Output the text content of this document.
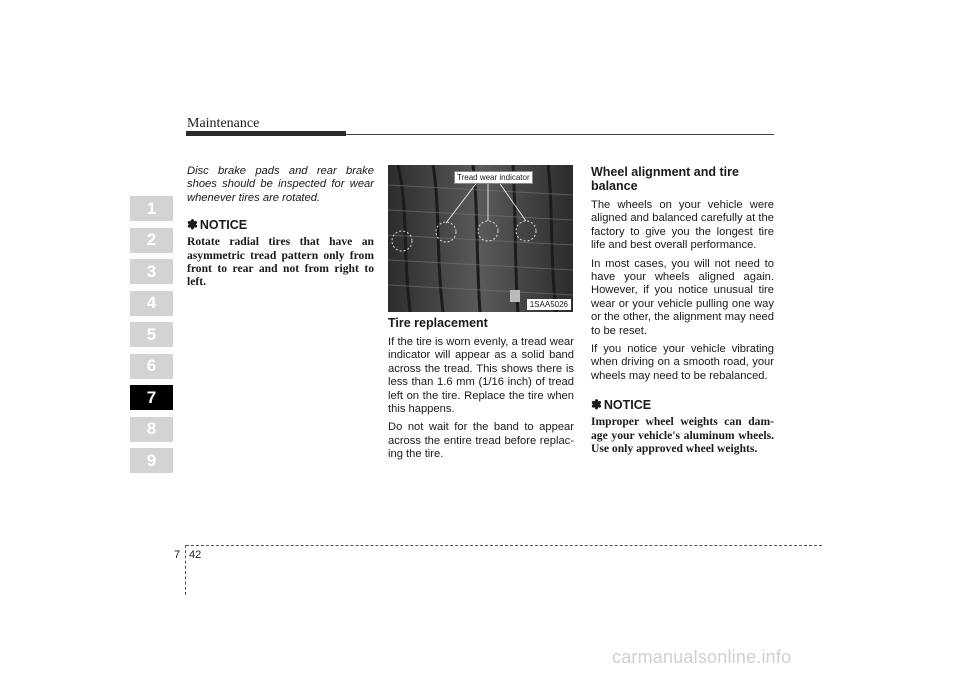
Maintenance
1
2
3
4
5
6
7
8
9

Disc brake pads and rear brake shoes should be inspected for wear whenever tires are rotated.

✽ NOTICE

Rotate radial tires that have an asymmetric tread pattern only from front to rear and not from right to left.

Tread wear indicator
1SAA5026
Tire replacement

If the tire is worn evenly, a tread wear indicator will appear as a solid band across the tread. This shows there is less than 1.6 mm (1/16 inch) of tread left on the tire. Replace the tire when this happens.

Do not wait for the band to appear across the entire tread before replac-ing the tire.

Wheel alignment and tire balance

The wheels on your vehicle were aligned and balanced carefully at the factory to give you the longest tire life and best overall performance.

In most cases, you will not need to have your wheels aligned again. However, if you notice unusual tire wear or your vehicle pulling one way or the other, the alignment may need to be reset.

If you notice your vehicle vibrating when driving on a smooth road, your wheels may need to be rebalanced.

✽ NOTICE

Improper wheel weights can dam-age your vehicle's aluminum wheels. Use only approved wheel weights.

7 42
carmanualsonline.info
